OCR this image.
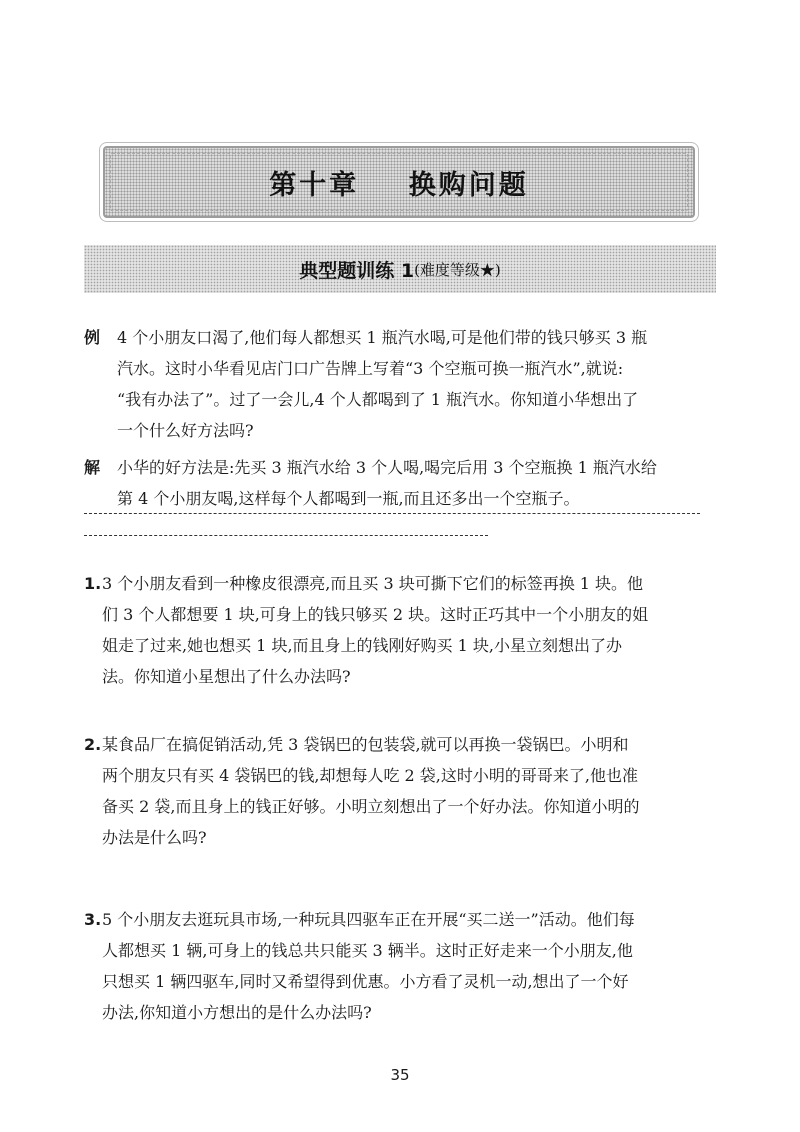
第十章    换购问题
典型题训练 1 (难度等级★)
例 4 个小朋友口渴了,他们每人都想买 1 瓶汽水喝,可是他们带的钱只够买 3 瓶
汽水。这时小华看见店门口广告牌上写着“3 个空瓶可换一瓶汽水”,就说:
“我有办法了”。过了一会儿,4 个人都喝到了 1 瓶汽水。你知道小华想出了
一个什么好方法吗?
解 小华的好方法是:先买 3 瓶汽水给 3 个人喝,喝完后用 3 个空瓶换 1 瓶汽水给
第 4 个小朋友喝,这样每个人都喝到一瓶,而且还多出一个空瓶子。
1. 3 个小朋友看到一种橡皮很漂亮,而且买 3 块可撕下它们的标签再换 1 块。他
们 3 个人都想要 1 块,可身上的钱只够买 2 块。这时正巧其中一个小朋友的姐
姐走了过来,她也想买 1 块,而且身上的钱刚好购买 1 块,小星立刻想出了办
法。你知道小星想出了什么办法吗?
2. 某食品厂在搞促销活动,凭 3 袋锅巴的包装袋,就可以再换一袋锅巴。小明和
两个朋友只有买 4 袋锅巴的钱,却想每人吃 2 袋,这时小明的哥哥来了,他也准
备买 2 袋,而且身上的钱正好够。小明立刻想出了一个好办法。你知道小明的
办法是什么吗?
3. 5 个小朋友去逛玩具市场,一种玩具四驱车正在开展“买二送一”活动。他们每
人都想买 1 辆,可身上的钱总共只能买 3 辆半。这时正好走来一个小朋友,他
只想买 1 辆四驱车,同时又希望得到优惠。小方看了灵机一动,想出了一个好
办法,你知道小方想出的是什么办法吗?
35
